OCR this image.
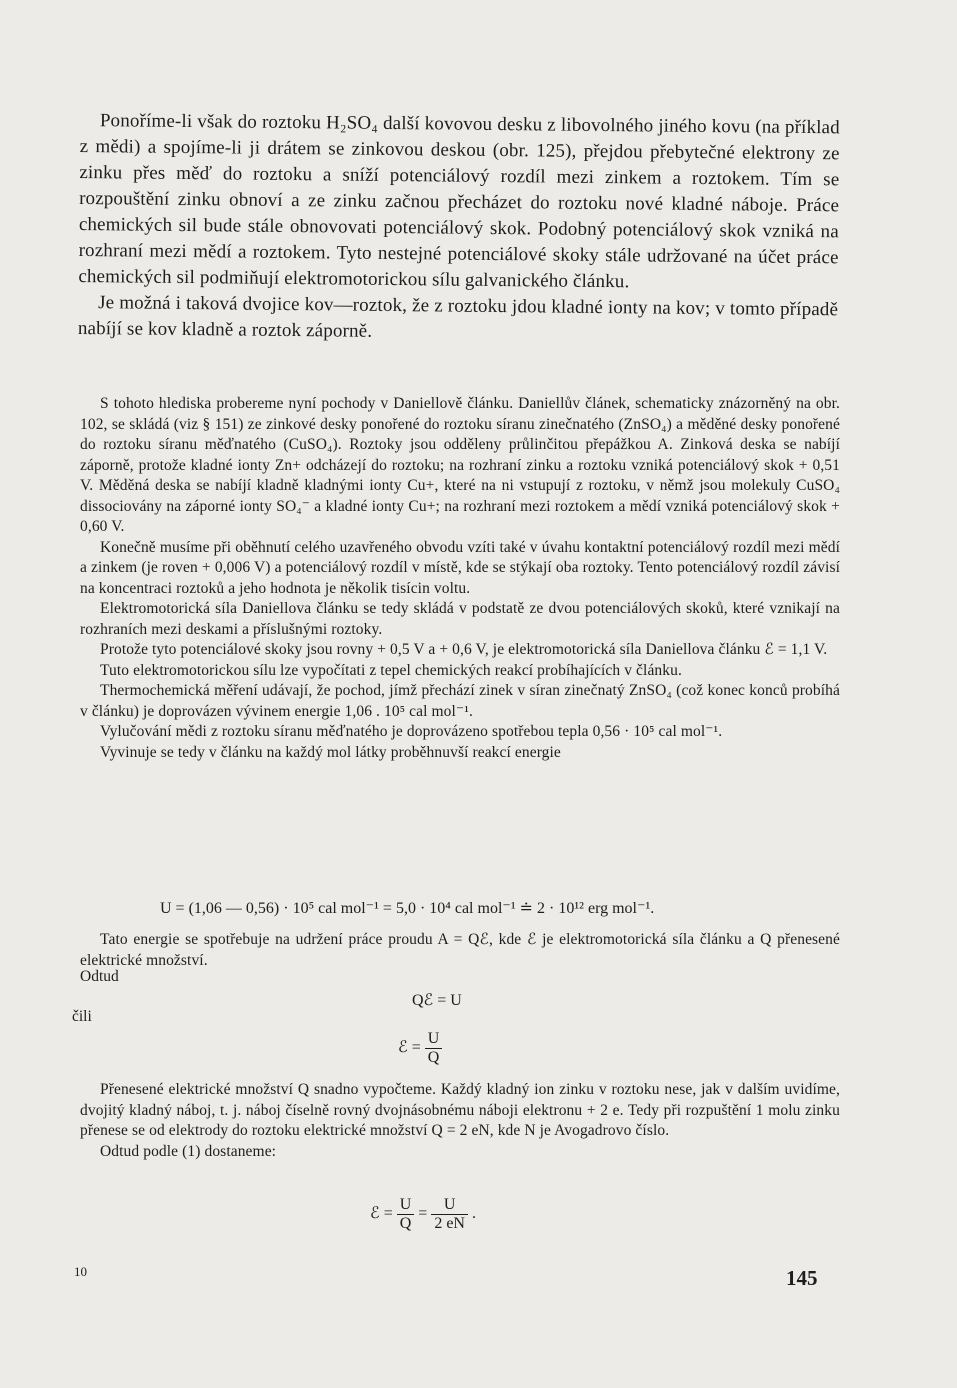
Ponoříme-li však do roztoku H₂SO₄ další kovovou desku z libovolného jiného kovu (na příklad z mědi) a spojíme-li ji drátem se zinkovou deskou (obr. 125), přejdou přebytečné elektrony ze zinku přes měď do roztoku a sníží potenciálový rozdíl mezi zinkem a roztokem. Tím se rozpouštění zinku obnoví a ze zinku začnou přecházet do roztoku nové kladné náboje. Práce chemických sil bude stále obnovovati potenciálový skok. Podobný potenciálový skok vzniká na rozhraní mezi mědí a roztokem. Tyto nestejné potenciálové skoky stále udržované na účet práce chemických sil podmiňují elektromotorickou sílu galvanického článku.

Je možná i taková dvojice kov—roztok, že z roztoku jdou kladné ionty na kov; v tomto případě nabíjí se kov kladně a roztok záporně.

S tohoto hlediska probereme nyní pochody v Daniellově článku. Daniellův článek, schematicky znázorněný na obr. 102, se skládá (viz § 151) ze zinkové desky ponořené do roztoku síranu zinečnatého (ZnSO₄) a měděné desky ponořené do roztoku síranu měďnatého (CuSO₄). Roztoky jsou odděleny průlinčitou přepážkou A. Zinková deska se nabíjí záporně, protože kladné ionty Zn+ odcházejí do roztoku; na rozhraní zinku a roztoku vzniká potenciálový skok + 0,51 V. Měděná deska se nabíjí kladně kladnými ionty Cu+, které na ni vstupují z roztoku, v němž jsou molekuly CuSO₄ dissociovány na záporné ionty SO₄⁻ a kladné ionty Cu+; na rozhraní mezi roztokem a mědí vzniká potenciálový skok + 0,60 V.

Konečně musíme při oběhnutí celého uzavřeného obvodu vzíti také v úvahu kontaktní potenciálový rozdíl mezi mědí a zinkem (je roven + 0,006 V) a potenciálový rozdíl v místě, kde se stýkají oba roztoky. Tento potenciálový rozdíl závisí na koncentraci roztoků a jeho hodnota je několik tisícin voltu.

Elektromotorická síla Daniellova článku se tedy skládá v podstatě ze dvou potenciálových skoků, které vznikají na rozhraních mezi deskami a příslušnými roztoky.

Protože tyto potenciálové skoky jsou rovny + 0,5 V a + 0,6 V, je elektromotorická síla Daniellova článku ℰ = 1,1 V.

Tuto elektromotorickou sílu lze vypočítati z tepel chemických reakcí probíhajících v článku.

Thermochemická měření udávají, že pochod, jímž přechází zinek v síran zinečnatý ZnSO₄ (což konec konců probíhá v článku) je doprovázen vývinem energie 1,06 . 10⁵ cal mol⁻¹.

Vylučování mědi z roztoku síranu měďnatého je doprovázeno spotřebou tepla 0,56 · 10⁵ cal mol⁻¹.

Vyvinuje se tedy v článku na každý mol látky proběhnuvší reakcí energie

U = (1,06 — 0,56) · 10⁵ cal mol⁻¹ = 5,0 · 10⁴ cal mol⁻¹ ≐ 2 · 10¹² erg mol⁻¹.

Tato energie se spotřebuje na udržení práce proudu A = Qℰ, kde ℰ je elektromotorická síla článku a Q přenesené elektrické množství.

Odtud
Qℰ = U
čili
ℰ = $\frac{U}{Q}$

Přenesené elektrické množství Q snadno vypočteme. Každý kladný ion zinku v roztoku nese, jak v dalším uvidíme, dvojitý kladný náboj, t. j. náboj číselně rovný dvojnásobnému náboji elektronu + 2 e. Tedy při rozpuštění 1 molu zinku přenese se od elektrody do roztoku elektrické množství Q = 2 eN, kde N je Avogadrovo číslo.

Odtud podle (1) dostaneme:

ℰ = $\frac{U}{Q} = \frac{U}{2 eN}$ .
10	145
